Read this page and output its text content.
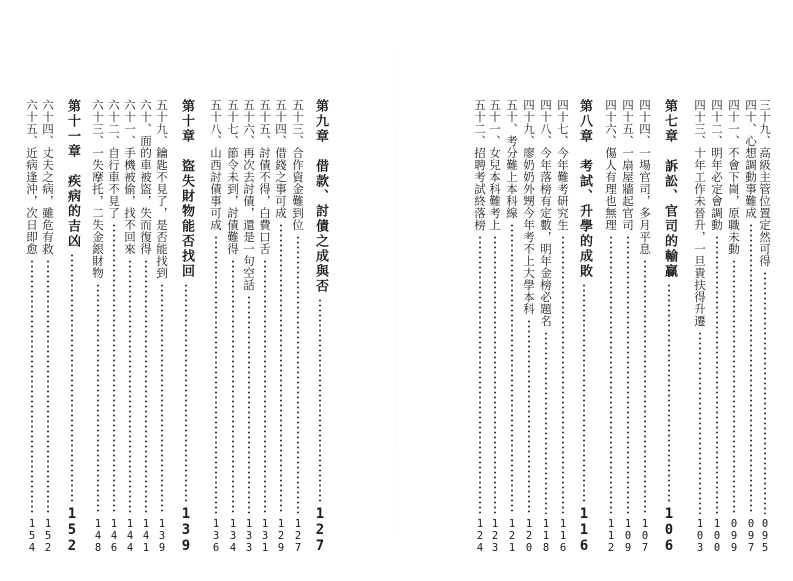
三十九、高級主管位置定然可得
095
四十、心想調動事難成
097
四十一、不會下崗，原職未動
099
四十二、明年必定會調動
100
四十三、十年工作未晉升，一旦貴扶得升遷
103
第七章　訴訟、官司的輸贏
106
四十四、一場官司，多月平息
107
四十五、一扇屋牆起官司
109
四十六、傷人有理也無理
112
第八章　考試、升學的成敗
116
四十七、今年難考研究生
116
四十八、今年落榜有定數，明年金榜必題名
118
四十九、廖奶奶外甥今年考不上大學本科
120
五十、考分難上本科線
121
五十一、女兒本科難考上
123
五十二、招聘考試終落榜
124
第九章　借款、討債之成與否
127
五十三、合作資金難到位
127
五十四、借錢之事可成
129
五十五、討債不得，白費口舌
131
五十六、再次去討債，還是一句空話
133
五十七、節令未到，討債難得
134
五十八、山西討債事可成
136
第十章　盜失財物能否找回
139
五十九、鑰匙不見了，是否能找到
139
六十、面的車被盜，失而復得
141
六十一、手機被偷，找不回來
144
六十二、自行車不見了
146
六十三、一失摩托，二失金銀財物
148
第十一章　疾病的吉凶
152
六十四、丈夫之病，雖危有救
152
六十五、近病逢沖，次日即愈
154
